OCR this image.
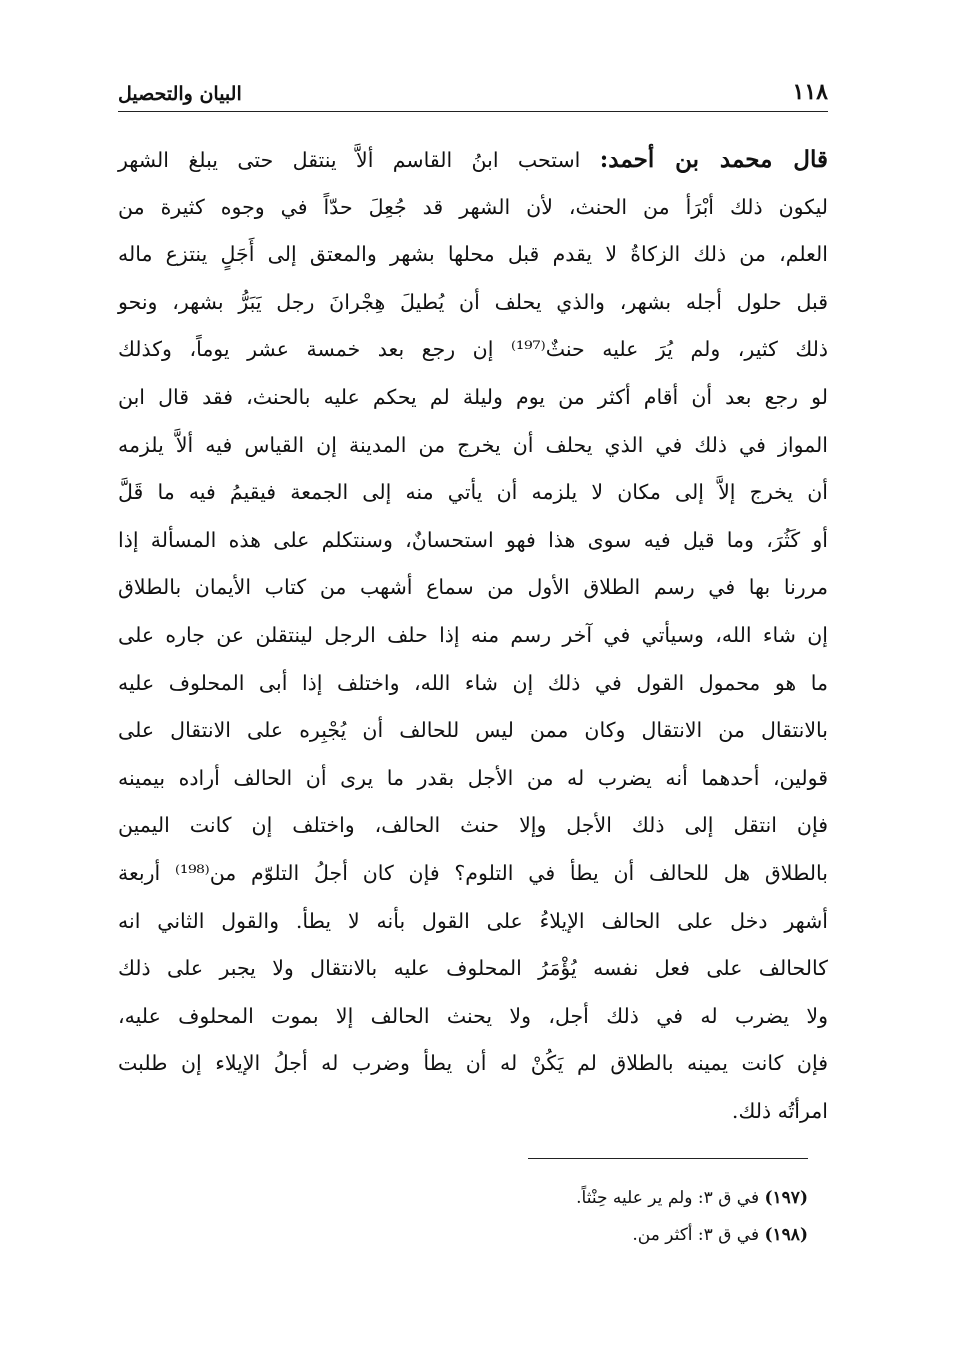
١١٨
البيان والتحصيل
قال محمد بن أحمد: استحب ابنُ القاسم ألاَّ ينتقل حتى يبلغ الشهر
ليكون ذلك أبْرَأ من الحنث، لأن الشهر قد جُعِلَ حدّاً في وجوه كثيرة من
العلم، من ذلك الزكاةُ لا يقدم قبل محلها بشهر والمعتق إلى أَجَلٍ ينتزع ماله
قبل حلول أجله بشهر، والذي يحلف أن يُطيلَ هِجْرانَ رجل يَبَرُّ بشهر، ونحو
ذلك كثير، ولم يُرَ عليه حنثٌ⁽¹⁹⁷⁾ إن رجع بعد خمسة عشر يوماً، وكذلك
لو رجع بعد أن أقام أكثر من يوم وليلة لم يحكم عليه بالحنث، فقد قال ابن
المواز في ذلك في الذي يحلف أن يخرج من المدينة إن القياس فيه ألاَّ يلزمه
أن يخرج إلاَّ إلى مكان لا يلزمه أن يأتي منه إلى الجمعة فيقيمُ فيه ما قَلَّ
أو كَثُرَ، وما قيل فيه سوى هذا فهو استحسانٌ، وسنتكلم على هذه المسألة إذا
مررنا بها في رسم الطلاق الأول من سماع أشهب من كتاب الأيمان بالطلاق
إن شاء الله، وسيأتي في آخر رسم منه إذا حلف الرجل لينتقلن عن جاره على
ما هو محمول القول في ذلك إن شاء الله، واختلف إذا أبى المحلوف عليه
بالانتقال من الانتقال وكان ممن ليس للحالف أن يُجْبِره على الانتقال على
قولين، أحدهما أنه يضرب له من الأجل بقدر ما يرى أن الحالف أراده بيمينه
فإن انتقل إلى ذلك الأجل وإلا حنث الحالف، واختلف إن كانت اليمين
بالطلاق هل للحالف أن يطأ في التلوم؟ فإن كان أجلُ التلوّم من⁽¹⁹⁸⁾ أربعة
أشهر دخل على الحالف الإيلاءُ على القول بأنه لا يطأ. والقول الثاني انه
كالحالف على فعل نفسه يُؤْمَرُ المحلوف عليه بالانتقال ولا يجبر على ذلك
ولا يضرب له في ذلك أجل، ولا يحنث الحالف إلا بموت المحلوف عليه،
فإن كانت يمينه بالطلاق لم يَكُنْ له أن يطأ وضرب له أجلُ الإيلاء إن طلبت
امرأتُه ذلك.
(١٩٧) في ق ٣: ولم ير عليه حِنْثاً.
(١٩٨) في ق ٣: أكثر من.
